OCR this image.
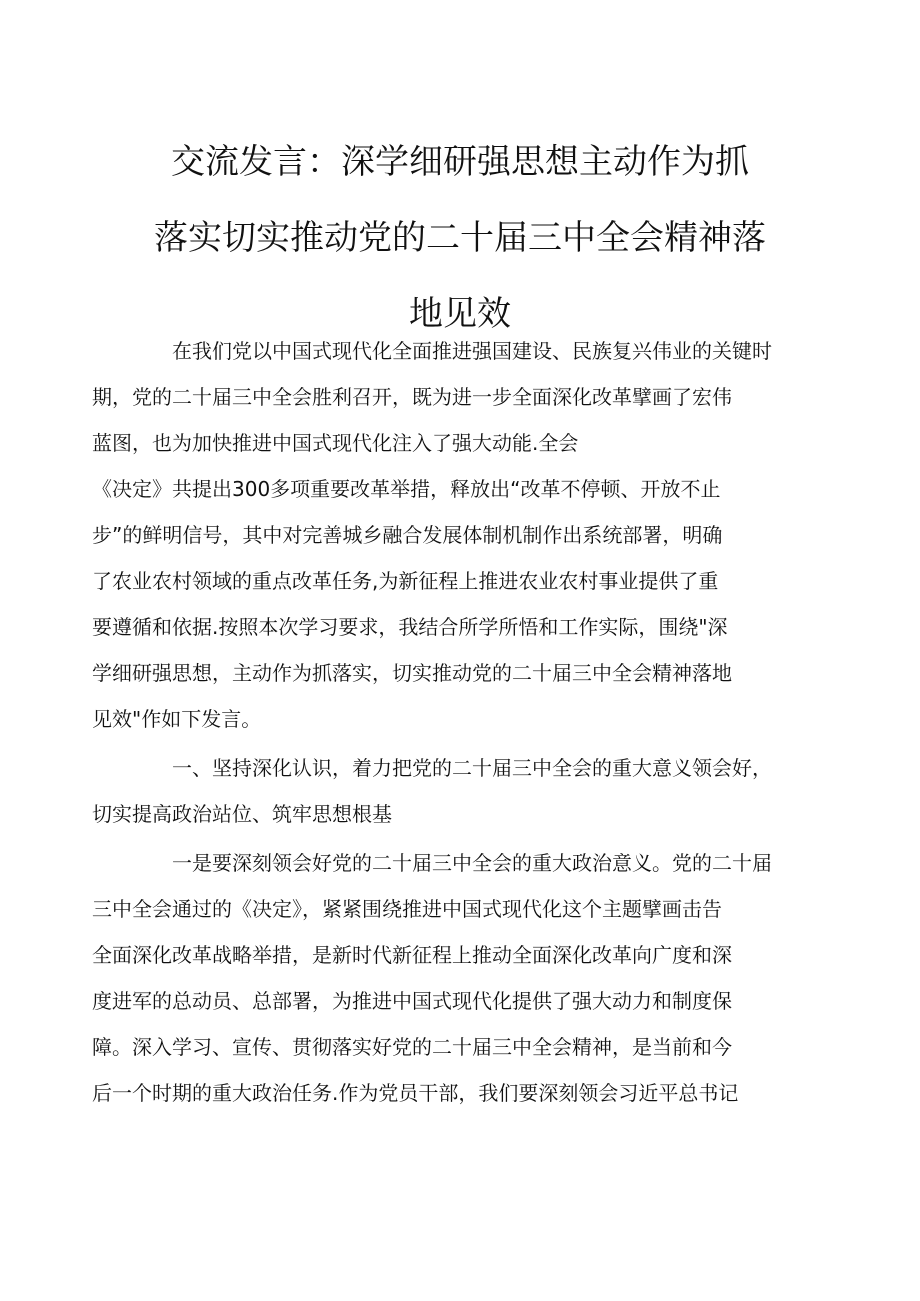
交流发言：深学细研强思想主动作为抓
落实切实推动党的二十届三中全会精神落
地见效

在我们党以中国式现代化全面推进强国建设、民族复兴伟业的关键时
期，党的二十届三中全会胜利召开，既为进一步全面深化改革擘画了宏伟
蓝图，也为加快推进中国式现代化注入了强大动能.全会
《决定》共提出300多项重要改革举措，释放出“改革不停顿、开放不止
步”的鲜明信号，其中对完善城乡融合发展体制机制作出系统部署，明确
了农业农村领域的重点改革任务,为新征程上推进农业农村事业提供了重
要遵循和依据.按照本次学习要求，我结合所学所悟和工作实际，围绕"深
学细研强思想，主动作为抓落实，切实推动党的二十届三中全会精神落地
见效"作如下发言。

一、坚持深化认识，着力把党的二十届三中全会的重大意义领会好，
切实提高政治站位、筑牢思想根基

一是要深刻领会好党的二十届三中全会的重大政治意义。党的二十届
三中全会通过的《决定》，紧紧围绕推进中国式现代化这个主题擘画击告
全面深化改革战略举措，是新时代新征程上推动全面深化改革向广度和深
度进军的总动员、总部署，为推进中国式现代化提供了强大动力和制度保
障。深入学习、宣传、贯彻落实好党的二十届三中全会精神，是当前和今
后一个时期的重大政治任务.作为党员干部，我们要深刻领会习近平总书记
